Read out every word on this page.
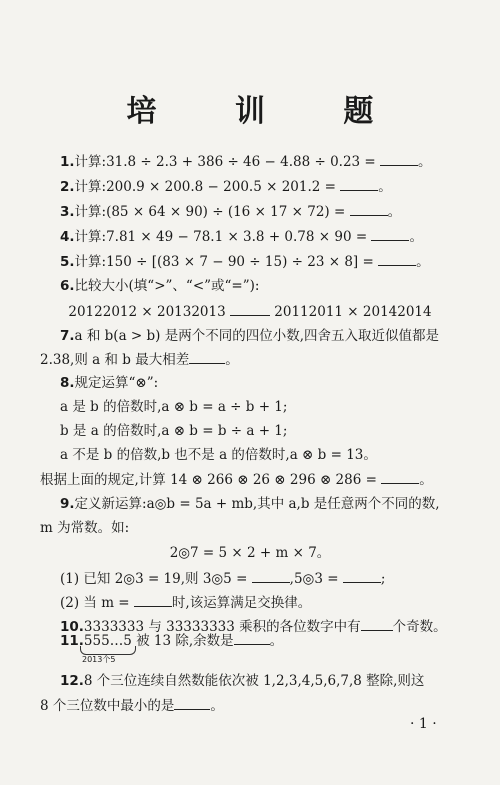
培 训 题
1.计算:31.8 ÷ 2.3 + 386 ÷ 46 − 4.88 ÷ 0.23 =	。
2.计算:200.9 × 200.8 − 200.5 × 201.2 =	。
3.计算:(85 × 64 × 90) ÷ (16 × 17 × 72) =	。
4.计算:7.81 × 49 − 78.1 × 3.8 + 0.78 × 90 =	。
5.计算:150 ÷ [(83 × 7 − 90 ÷ 15) ÷ 23 × 8] =	。
6.比较大小(填“>”、“<”或“=”):
20122012 × 20132013	20112011 × 20142014
7.a 和 b(a > b) 是两个不同的四位小数,四舍五入取近似值都是
2.38,则 a 和 b 最大相差	。
8.规定运算“⊗”:
a 是 b 的倍数时,a ⊗ b = a ÷ b + 1;
b 是 a 的倍数时,a ⊗ b = b ÷ a + 1;
a 不是 b 的倍数,b 也不是 a 的倍数时,a ⊗ b = 13。
根据上面的规定,计算 14 ⊗ 266 ⊗ 26 ⊗ 296 ⊗ 286 =	。
9.定义新运算:a◎b = 5a + mb,其中 a,b 是任意两个不同的数,
m 为常数。如:
2◎7 = 5 × 2 + m × 7。
(1) 已知 2◎3 = 19,则 3◎5 =	,5◎3 =	;
(2) 当 m =	时,该运算满足交换律。
10.3333333 与 33333333 乘积的各位数字中有 个奇数。
11.555…5 被 13 除,余数是	。
2013个5
12.8 个三位连续自然数能依次被 1,2,3,4,5,6,7,8 整除,则这
8 个三位数中最小的是	。
· 1 ·
